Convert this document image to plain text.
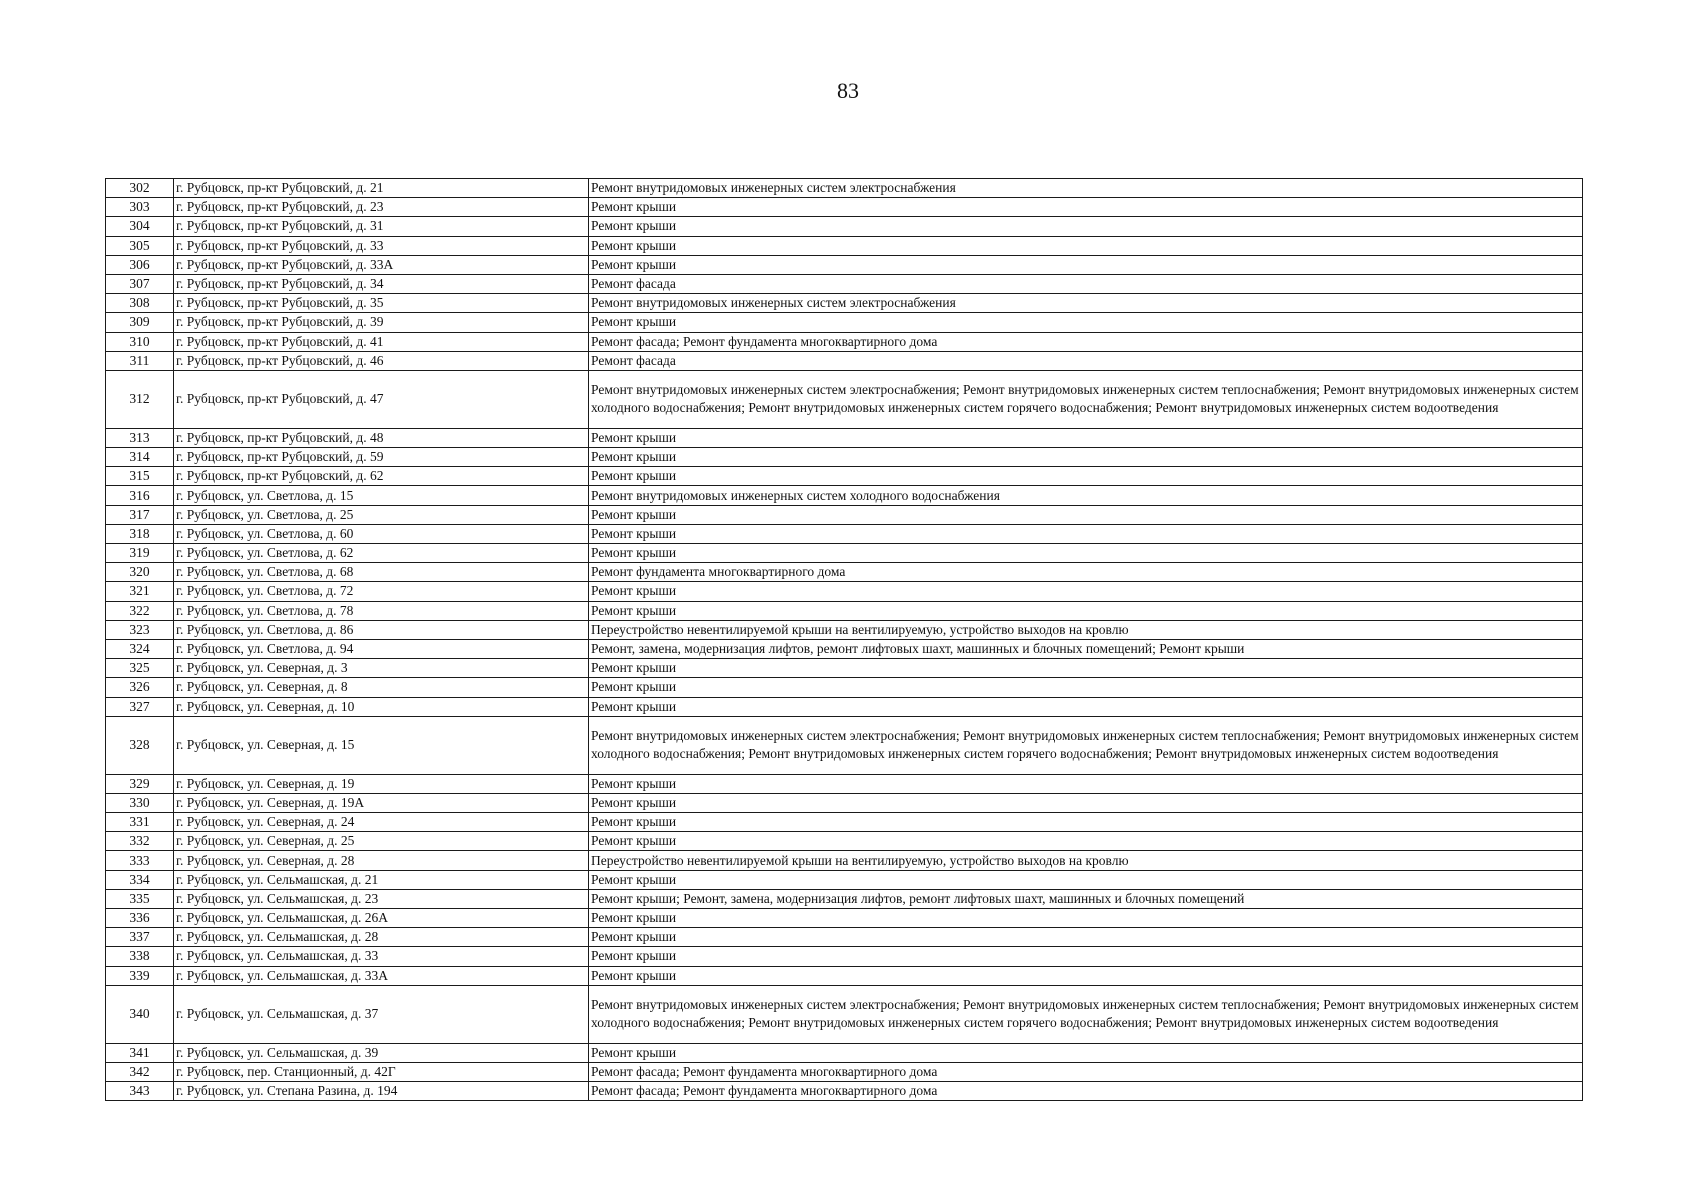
83
302	г. Рубцовск, пр-кт Рубцовский, д. 21	Ремонт внутридомовых инженерных систем электроснабжения
303	г. Рубцовск, пр-кт Рубцовский, д. 23	Ремонт крыши
304	г. Рубцовск, пр-кт Рубцовский, д. 31	Ремонт крыши
305	г. Рубцовск, пр-кт Рубцовский, д. 33	Ремонт крыши
306	г. Рубцовск, пр-кт Рубцовский, д. 33А	Ремонт крыши
307	г. Рубцовск, пр-кт Рубцовский, д. 34	Ремонт фасада
308	г. Рубцовск, пр-кт Рубцовский, д. 35	Ремонт внутридомовых инженерных систем электроснабжения
309	г. Рубцовск, пр-кт Рубцовский, д. 39	Ремонт крыши
310	г. Рубцовск, пр-кт Рубцовский, д. 41	Ремонт фасада; Ремонт фундамента многоквартирного дома
311	г. Рубцовск, пр-кт Рубцовский, д. 46	Ремонт фасада
312	г. Рубцовск, пр-кт Рубцовский, д. 47	Ремонт внутридомовых инженерных систем электроснабжения; Ремонт внутридомовых инженерных систем теплоснабжения; Ремонт внутридомовых инженерных систем холодного водоснабжения; Ремонт внутридомовых инженерных систем горячего водоснабжения; Ремонт внутридомовых инженерных систем водоотведения
313	г. Рубцовск, пр-кт Рубцовский, д. 48	Ремонт крыши
314	г. Рубцовск, пр-кт Рубцовский, д. 59	Ремонт крыши
315	г. Рубцовск, пр-кт Рубцовский, д. 62	Ремонт крыши
316	г. Рубцовск, ул. Светлова, д. 15	Ремонт внутридомовых инженерных систем холодного водоснабжения
317	г. Рубцовск, ул. Светлова, д. 25	Ремонт крыши
318	г. Рубцовск, ул. Светлова, д. 60	Ремонт крыши
319	г. Рубцовск, ул. Светлова, д. 62	Ремонт крыши
320	г. Рубцовск, ул. Светлова, д. 68	Ремонт фундамента многоквартирного дома
321	г. Рубцовск, ул. Светлова, д. 72	Ремонт крыши
322	г. Рубцовск, ул. Светлова, д. 78	Ремонт крыши
323	г. Рубцовск, ул. Светлова, д. 86	Переустройство невентилируемой крыши на вентилируемую, устройство выходов на кровлю
324	г. Рубцовск, ул. Светлова, д. 94	Ремонт, замена, модернизация лифтов, ремонт лифтовых шахт, машинных и блочных помещений; Ремонт крыши
325	г. Рубцовск, ул. Северная, д. 3	Ремонт крыши
326	г. Рубцовск, ул. Северная, д. 8	Ремонт крыши
327	г. Рубцовск, ул. Северная, д. 10	Ремонт крыши
328	г. Рубцовск, ул. Северная, д. 15	Ремонт внутридомовых инженерных систем электроснабжения; Ремонт внутридомовых инженерных систем теплоснабжения; Ремонт внутридомовых инженерных систем холодного водоснабжения; Ремонт внутридомовых инженерных систем горячего водоснабжения; Ремонт внутридомовых инженерных систем водоотведения
329	г. Рубцовск, ул. Северная, д. 19	Ремонт крыши
330	г. Рубцовск, ул. Северная, д. 19А	Ремонт крыши
331	г. Рубцовск, ул. Северная, д. 24	Ремонт крыши
332	г. Рубцовск, ул. Северная, д. 25	Ремонт крыши
333	г. Рубцовск, ул. Северная, д. 28	Переустройство невентилируемой крыши на вентилируемую, устройство выходов на кровлю
334	г. Рубцовск, ул. Сельмашская, д. 21	Ремонт крыши
335	г. Рубцовск, ул. Сельмашская, д. 23	Ремонт крыши; Ремонт, замена, модернизация лифтов, ремонт лифтовых шахт, машинных и блочных помещений
336	г. Рубцовск, ул. Сельмашская, д. 26А	Ремонт крыши
337	г. Рубцовск, ул. Сельмашская, д. 28	Ремонт крыши
338	г. Рубцовск, ул. Сельмашская, д. 33	Ремонт крыши
339	г. Рубцовск, ул. Сельмашская, д. 33А	Ремонт крыши
340	г. Рубцовск, ул. Сельмашская, д. 37	Ремонт внутридомовых инженерных систем электроснабжения; Ремонт внутридомовых инженерных систем теплоснабжения; Ремонт внутридомовых инженерных систем холодного водоснабжения; Ремонт внутридомовых инженерных систем горячего водоснабжения; Ремонт внутридомовых инженерных систем водоотведения
341	г. Рубцовск, ул. Сельмашская, д. 39	Ремонт крыши
342	г. Рубцовск, пер. Станционный, д. 42Г	Ремонт фасада; Ремонт фундамента многоквартирного дома
343	г. Рубцовск, ул. Степана Разина, д. 194	Ремонт фасада; Ремонт фундамента многоквартирного дома
